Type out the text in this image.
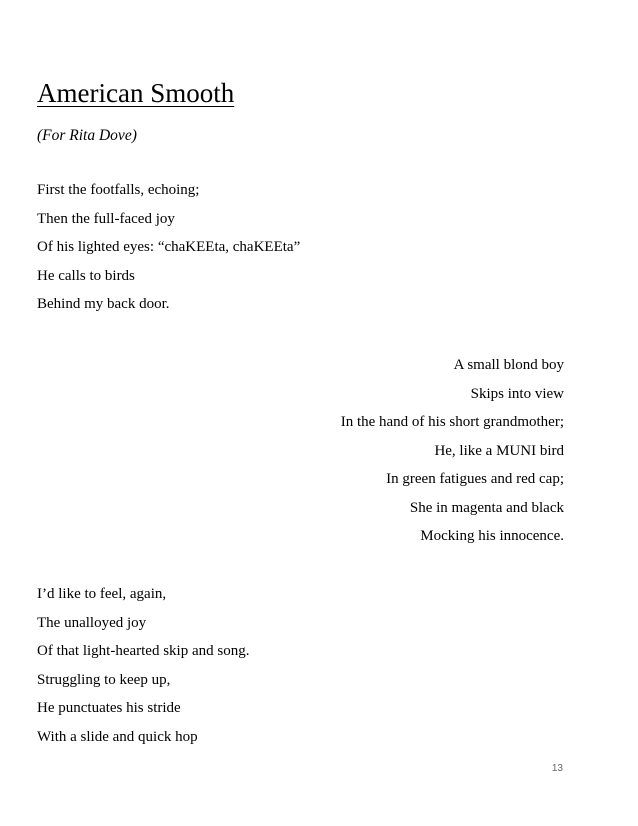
American Smooth
(For Rita Dove)
First the footfalls, echoing;
Then the full-faced joy
Of his lighted eyes: “chaKEEta, chaKEEta”
He calls to birds
Behind my back door.
A small blond boy
Skips into view
In the hand of his short grandmother;
He, like a MUNI bird
In green fatigues and red cap;
She in magenta and black
Mocking his innocence.
I’d like to feel, again,
The unalloyed joy
Of that light-hearted skip and song.
Struggling to keep up,
He punctuates his stride
With a slide and quick hop
13
